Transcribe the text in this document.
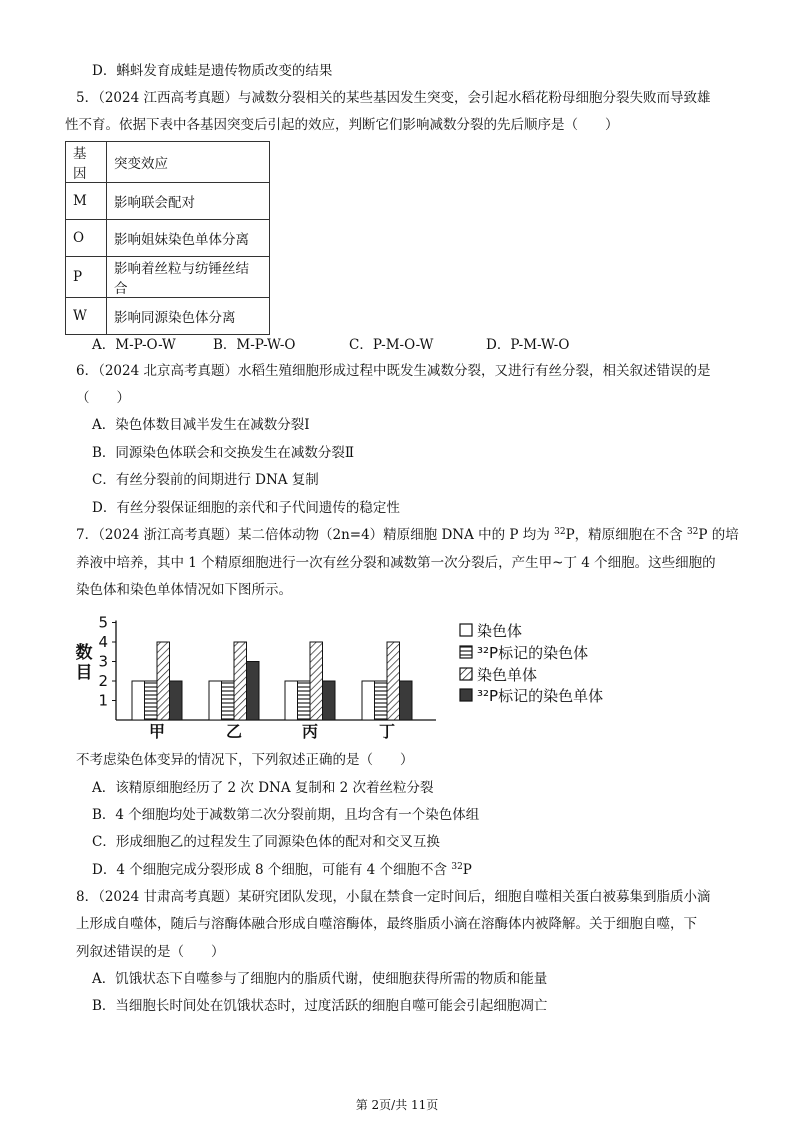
D．蝌蚪发育成蛙是遗传物质改变的结果
5．（2024 江西高考真题）与减数分裂相关的某些基因发生突变，会引起水稻花粉母细胞分裂失败而导致雄
性不育。依据下表中各基因突变后引起的效应，判断它们影响减数分裂的先后顺序是（　　）
基因	突变效应
M	影响联会配对
O	影响姐妹染色单体分离
P	影响着丝粒与纺锤丝结合
W	影响同源染色体分离
A．M-P-O-W	B．M-P-W-O	C．P-M-O-W	D．P-M-W-O
6．（2024 北京高考真题）水稻生殖细胞形成过程中既发生减数分裂，又进行有丝分裂，相关叙述错误的是
（　　）
A．染色体数目减半发生在减数分裂Ⅰ
B．同源染色体联会和交换发生在减数分裂Ⅱ
C．有丝分裂前的间期进行 DNA 复制
D．有丝分裂保证细胞的亲代和子代间遗传的稳定性
7．（2024 浙江高考真题）某二倍体动物（2n=4）精原细胞 DNA 中的 P 均为 $^{32}$P，精原细胞在不含 $^{32}$P 的培
养液中培养，其中 1 个精原细胞进行一次有丝分裂和减数第一次分裂后，产生甲~丁 4 个细胞。这些细胞的
染色体和染色单体情况如下图所示。
1
2
3
4
5
数
目
甲	乙	丙	丁
染色体
³²P标记的染色体
染色单体
³²P标记的染色单体
不考虑染色体变异的情况下，下列叙述正确的是（　　）
A．该精原细胞经历了 2 次 DNA 复制和 2 次着丝粒分裂
B．4 个细胞均处于减数第二次分裂前期，且均含有一个染色体组
C．形成细胞乙的过程发生了同源染色体的配对和交叉互换
D．4 个细胞完成分裂形成 8 个细胞，可能有 4 个细胞不含 $^{32}$P
8．（2024 甘肃高考真题）某研究团队发现，小鼠在禁食一定时间后，细胞自噬相关蛋白被募集到脂质小滴
上形成自噬体，随后与溶酶体融合形成自噬溶酶体，最终脂质小滴在溶酶体内被降解。关于细胞自噬，下
列叙述错误的是（　　）
A．饥饿状态下自噬参与了细胞内的脂质代谢，使细胞获得所需的物质和能量
B．当细胞长时间处在饥饿状态时，过度活跃的细胞自噬可能会引起细胞凋亡
第 2页/共 11页
